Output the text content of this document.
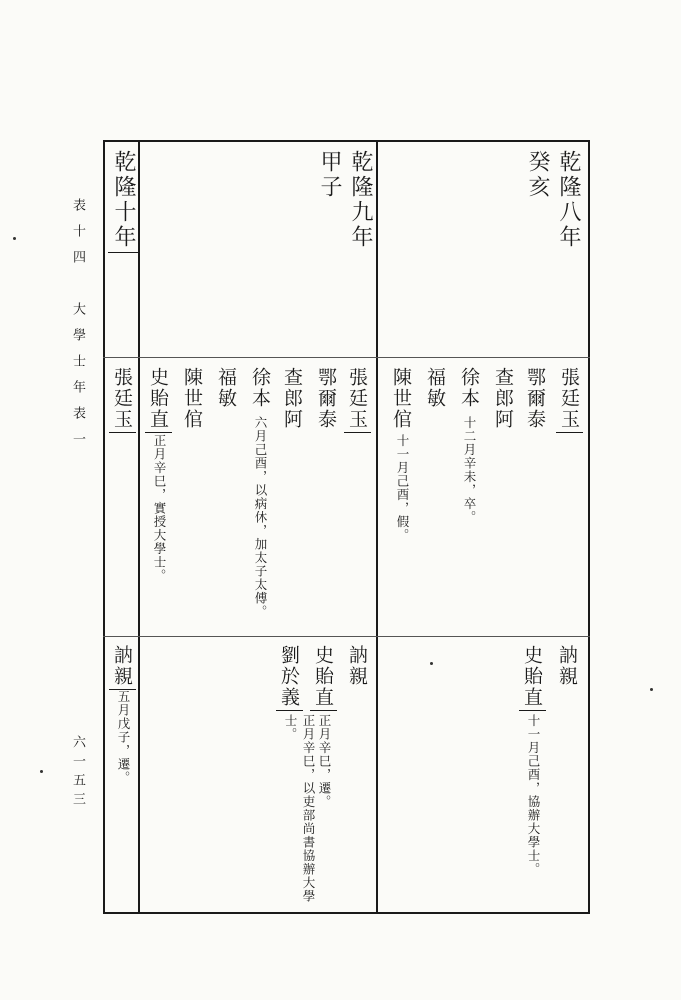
表十四　大學士年表一
六一五三
乾隆八年
癸亥
張廷玉
鄂爾泰
查郎阿
徐本
十二月辛未，卒。
福敏
陳世倌
十一月己酉，假。
訥親
史貽直
十一月己酉，協辦大學士。
乾隆九年
甲子
張廷玉
鄂爾泰
查郎阿
徐本
六月己酉，以病休，加太子太傅。
福敏
陳世倌
史貽直
正月辛巳，實授大學士。
訥親
史貽直
正月辛巳，遷。
劉於義
正月辛巳，以吏部尚書協辦大學士。
乾隆十年
張廷玉
訥親
五月戊子，遷。
